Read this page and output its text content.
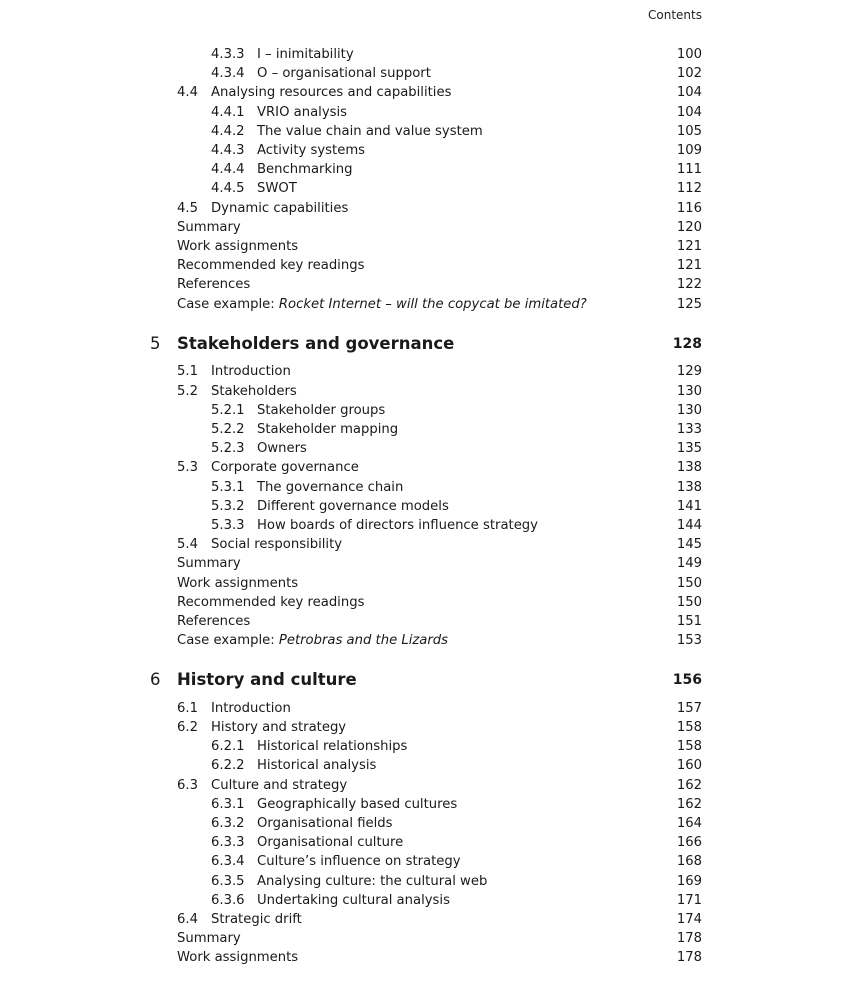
Contents
4.3.3 I – inimitability	100
4.3.4 O – organisational support	102
4.4 Analysing resources and capabilities	104
4.4.1 VRIO analysis	104
4.4.2 The value chain and value system	105
4.4.3 Activity systems	109
4.4.4 Benchmarking	111
4.4.5 SWOT	112
4.5 Dynamic capabilities	116
Summary	120
Work assignments	121
Recommended key readings	121
References	122
Case example: Rocket Internet – will the copycat be imitated?	125
5 Stakeholders and governance	128
5.1 Introduction	129
5.2 Stakeholders	130
5.2.1 Stakeholder groups	130
5.2.2 Stakeholder mapping	133
5.2.3 Owners	135
5.3 Corporate governance	138
5.3.1 The governance chain	138
5.3.2 Different governance models	141
5.3.3 How boards of directors influence strategy	144
5.4 Social responsibility	145
Summary	149
Work assignments	150
Recommended key readings	150
References	151
Case example: Petrobras and the Lizards	153
6 History and culture	156
6.1 Introduction	157
6.2 History and strategy	158
6.2.1 Historical relationships	158
6.2.2 Historical analysis	160
6.3 Culture and strategy	162
6.3.1 Geographically based cultures	162
6.3.2 Organisational fields	164
6.3.3 Organisational culture	166
6.3.4 Culture’s influence on strategy	168
6.3.5 Analysing culture: the cultural web	169
6.3.6 Undertaking cultural analysis	171
6.4 Strategic drift	174
Summary	178
Work assignments	178
